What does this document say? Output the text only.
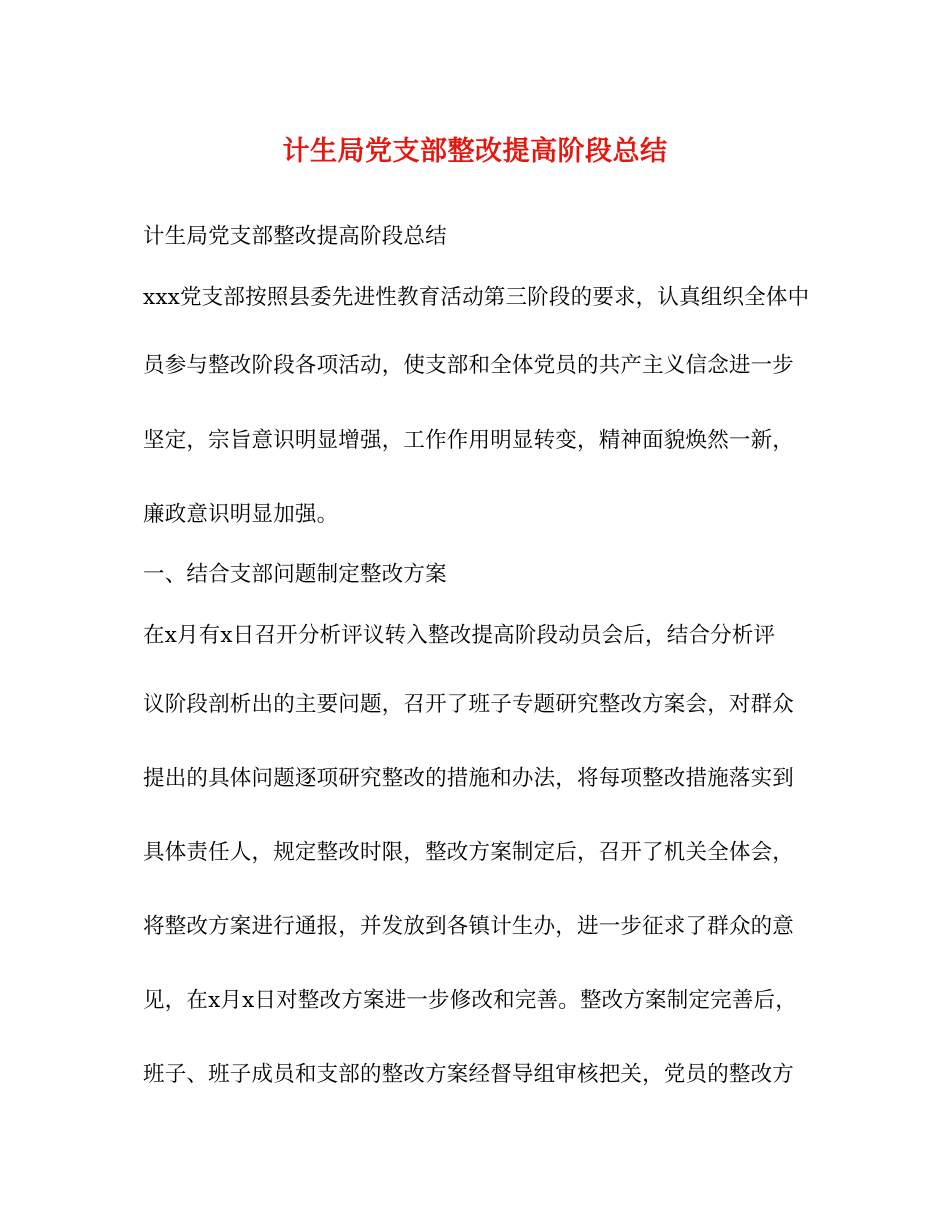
计生局党支部整改提高阶段总结
计生局党支部整改提高阶段总结
xxx党支部按照县委先进性教育活动第三阶段的要求，认真组织全体中
员参与整改阶段各项活动，使支部和全体党员的共产主义信念进一步
坚定，宗旨意识明显增强，工作作用明显转变，精神面貌焕然一新，
廉政意识明显加强。
一、结合支部问题制定整改方案
在x月有x日召开分析评议转入整改提高阶段动员会后，结合分析评
议阶段剖析出的主要问题，召开了班子专题研究整改方案会，对群众
提出的具体问题逐项研究整改的措施和办法，将每项整改措施落实到
具体责任人，规定整改时限，整改方案制定后，召开了机关全体会，
将整改方案进行通报，并发放到各镇计生办，进一步征求了群众的意
见，在x月x日对整改方案进一步修改和完善。整改方案制定完善后，
班子、班子成员和支部的整改方案经督导组审核把关，党员的整改方
